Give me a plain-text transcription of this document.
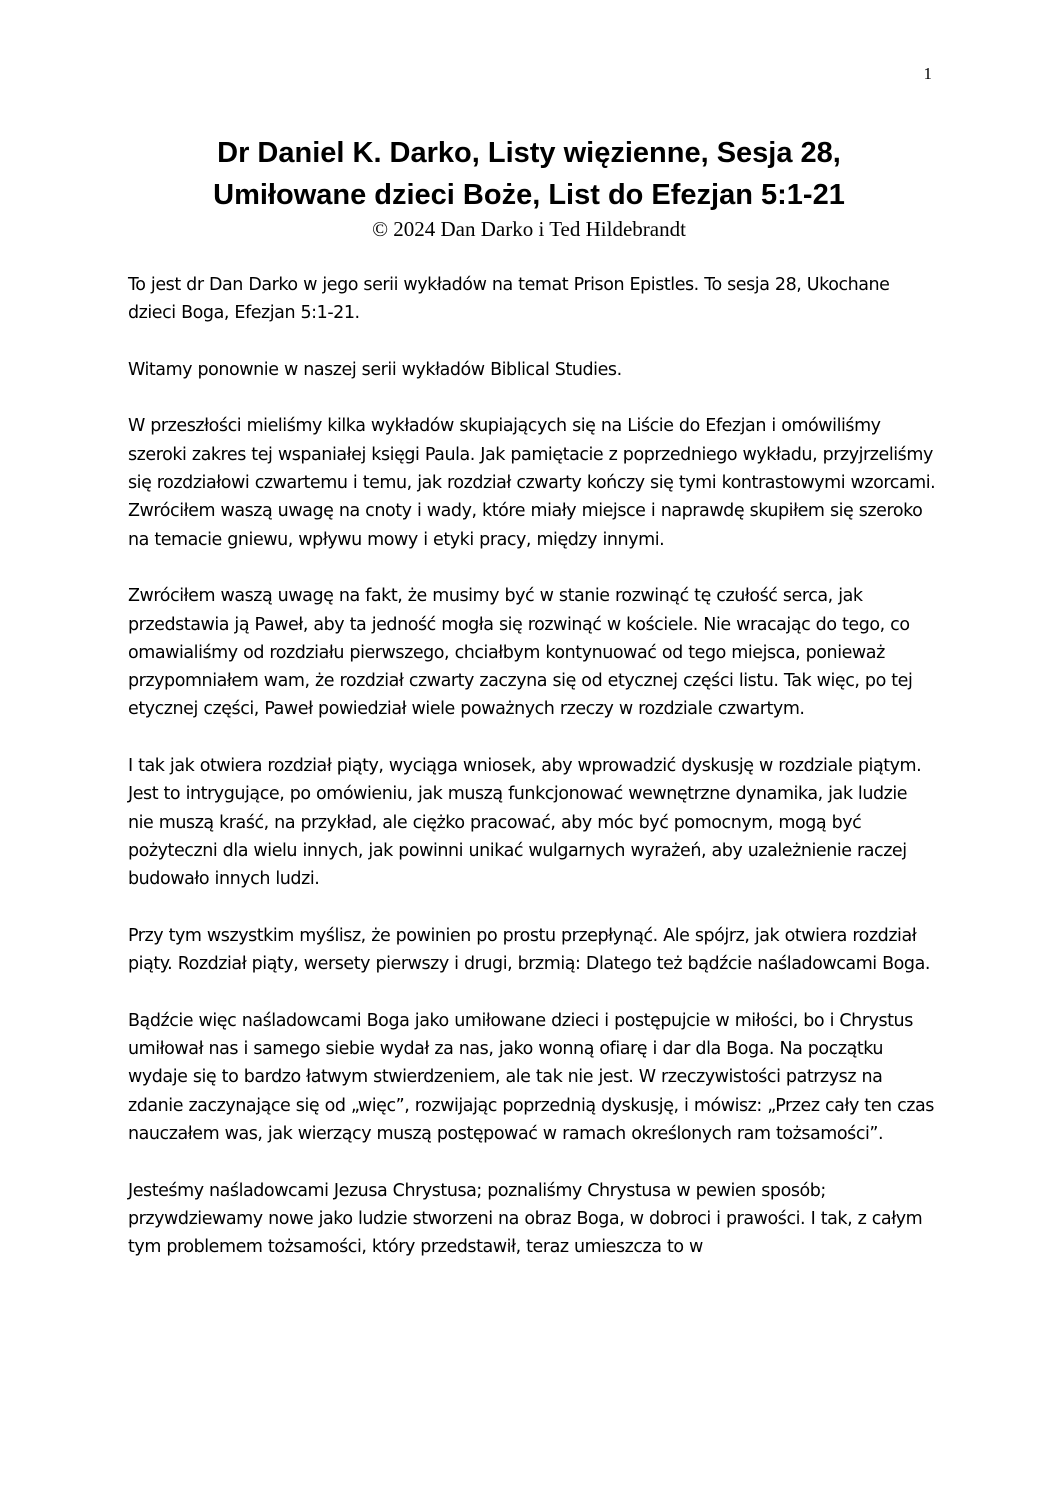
1
Dr Daniel K. Darko, Listy więzienne, Sesja 28,
Umiłowane dzieci Boże, List do Efezjan 5:1-21

© 2024 Dan Darko i Ted Hildebrandt

To jest dr Dan Darko w jego serii wykładów na temat Prison Epistles. To sesja 28, Ukochane dzieci Boga, Efezjan 5:1-21.

Witamy ponownie w naszej serii wykładów Biblical Studies.

W przeszłości mieliśmy kilka wykładów skupiających się na Liście do Efezjan i omówiliśmy szeroki zakres tej wspaniałej księgi Paula. Jak pamiętacie z poprzedniego wykładu, przyjrzeliśmy się rozdziałowi czwartemu i temu, jak rozdział czwarty kończy się tymi kontrastowymi wzorcami. Zwróciłem waszą uwagę na cnoty i wady, które miały miejsce i naprawdę skupiłem się szeroko na temacie gniewu, wpływu mowy i etyki pracy, między innymi.

Zwróciłem waszą uwagę na fakt, że musimy być w stanie rozwinąć tę czułość serca, jak przedstawia ją Paweł, aby ta jedność mogła się rozwinąć w kościele. Nie wracając do tego, co omawialiśmy od rozdziału pierwszego, chciałbym kontynuować od tego miejsca, ponieważ przypomniałem wam, że rozdział czwarty zaczyna się od etycznej części listu. Tak więc, po tej etycznej części, Paweł powiedział wiele poważnych rzeczy w rozdziale czwartym.

I tak jak otwiera rozdział piąty, wyciąga wniosek, aby wprowadzić dyskusję w rozdziale piątym. Jest to intrygujące, po omówieniu, jak muszą funkcjonować wewnętrzne dynamika, jak ludzie nie muszą kraść, na przykład, ale ciężko pracować, aby móc być pomocnym, mogą być pożyteczni dla wielu innych, jak powinni unikać wulgarnych wyrażeń, aby uzależnienie raczej budowało innych ludzi.

Przy tym wszystkim myślisz, że powinien po prostu przepłynąć. Ale spójrz, jak otwiera rozdział piąty. Rozdział piąty, wersety pierwszy i drugi, brzmią: Dlatego też bądźcie naśladowcami Boga.

Bądźcie więc naśladowcami Boga jako umiłowane dzieci i postępujcie w miłości, bo i Chrystus umiłował nas i samego siebie wydał za nas, jako wonną ofiarę i dar dla Boga. Na początku wydaje się to bardzo łatwym stwierdzeniem, ale tak nie jest. W rzeczywistości patrzysz na zdanie zaczynające się od „więc”, rozwijając poprzednią dyskusję, i mówisz: „Przez cały ten czas nauczałem was, jak wierzący muszą postępować w ramach określonych ram tożsamości”.

Jesteśmy naśladowcami Jezusa Chrystusa; poznaliśmy Chrystusa w pewien sposób; przywdziewamy nowe jako ludzie stworzeni na obraz Boga, w dobroci i prawości. I tak, z całym tym problemem tożsamości, który przedstawił, teraz umieszcza to w
